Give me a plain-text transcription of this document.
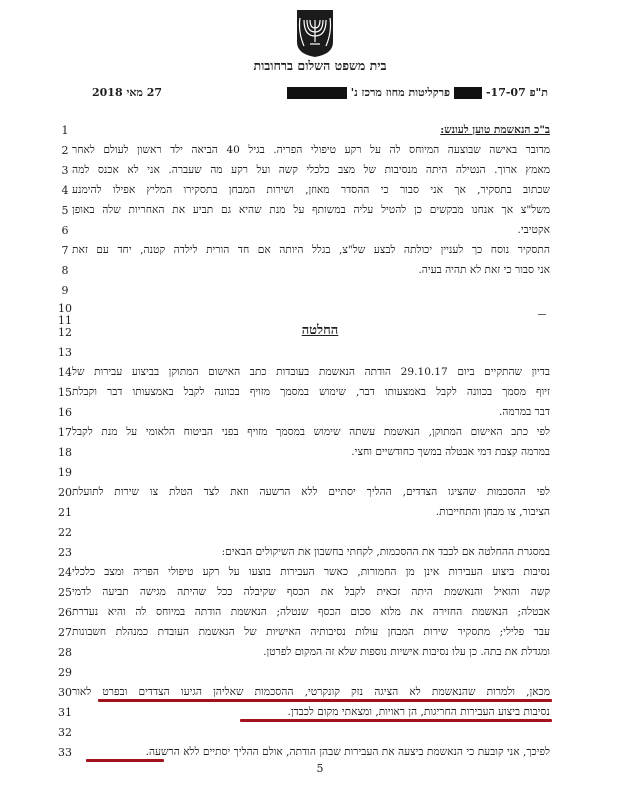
בית משפט השלום ברחובות
ת"פ 17-07-
פרקליטות מחוז מרכז נ'
27 מאי 2018
1
2
3
4
5
6
7
8
9
10
11
12
13
14
15
16
17
18
19
20
21
22
23
24
25
26
27
28
29
30
31
32
33
ב"כ הנאשמת טוען לעונש:
מדובר באישה שבוצעה המיוחס לה על רקע טיפולי הפריה. בגיל 40 הביאה ילד ראשון לעולם לאחר
מאמץ ארוך. הנטילה היתה מנסיבות של מצב כלכלי קשה ועל רקע מה שעברה. אני לא אכנס למה
שכתוב בתסקיר, אך אני סבור כי ההסדר מאוזן, ושירות המבחן בתסקירו המליץ אפילו להימנע
משל"צ אך אנחנו מבקשים כן להטיל עליה במשותף על מנת שהיא גם תביע את האחריות שלה באופן
אקטיבי.
התסקיר נוסח כך לעניין יכולתה לבצע של"צ, בגלל היותה אם חד הורית לילדה קטנה, יחד עם זאת
אני סבור כי זאת לא תהיה בעיה.
החלטה
בדיון שהתקיים ביום 29.10.17 הודתה הנאשמת בעובדות כתב האישום המתוקן בביצוע עבירות של
זיוף מסמך בכוונה לקבל באמצעותו דבר, שימוש במסמך מזויף בכוונה לקבל באמצעותו דבר וקבלת
דבר במרמה.
לפי כתב האישום המתוקן, הנאשמת עשתה שימוש במסמך מזויף בפני הביטוח הלאומי על מנת לקבל
במרמה קצבת דמי אבטלה במשך כחודשיים וחצי.
לפי ההסכמות שהציגו הצדדים, ההליך יסתיים ללא הרשעה וזאת לצד הטלת צו שירות לתועלת
הציבור, צו מבחן והתחייבות.
במסגרת ההחלטה אם לכבד את ההסכמות, לקחתי בחשבון את השיקולים הבאים:
נסיבות ביצוע העבירות אינן מן החמורות, כאשר העבירות בוצעו על רקע טיפולי הפריה ומצב כלכלי
קשה והואיל והנאשמת היתה זכאית לקבל את הכסף שקיבלה ככל שהיתה מגישה תביעה לדמי
אבטלה; הנאשמת החזירה את מלוא סכום הכסף שנטלה; הנאשמת הודתה במיוחס לה והיא נעדרת
עבר פלילי; מתסקיר שירות המבחן עולות נסיבותיה האישיות של הנאשמת העובדת כמנהלת חשבונות
ומגדלת את בתה. כן עלו נסיבות אישיות נוספות שלא זה המקום לפרטן.
מכאן, ולמרות שהנאשמת לא הציגה נזק קונקרטי, ההסכמות שאליהן הגיעו הצדדים ובפרט לאור
נסיבות ביצוע העבירות החריגות, הן ראויות, ומצאתי מקום לכבדן.
לפיכך, אני קובעת כי הנאשמת ביצעה את העבירות שבהן הודתה, אולם ההליך יסתיים ללא הרשעה.
5
